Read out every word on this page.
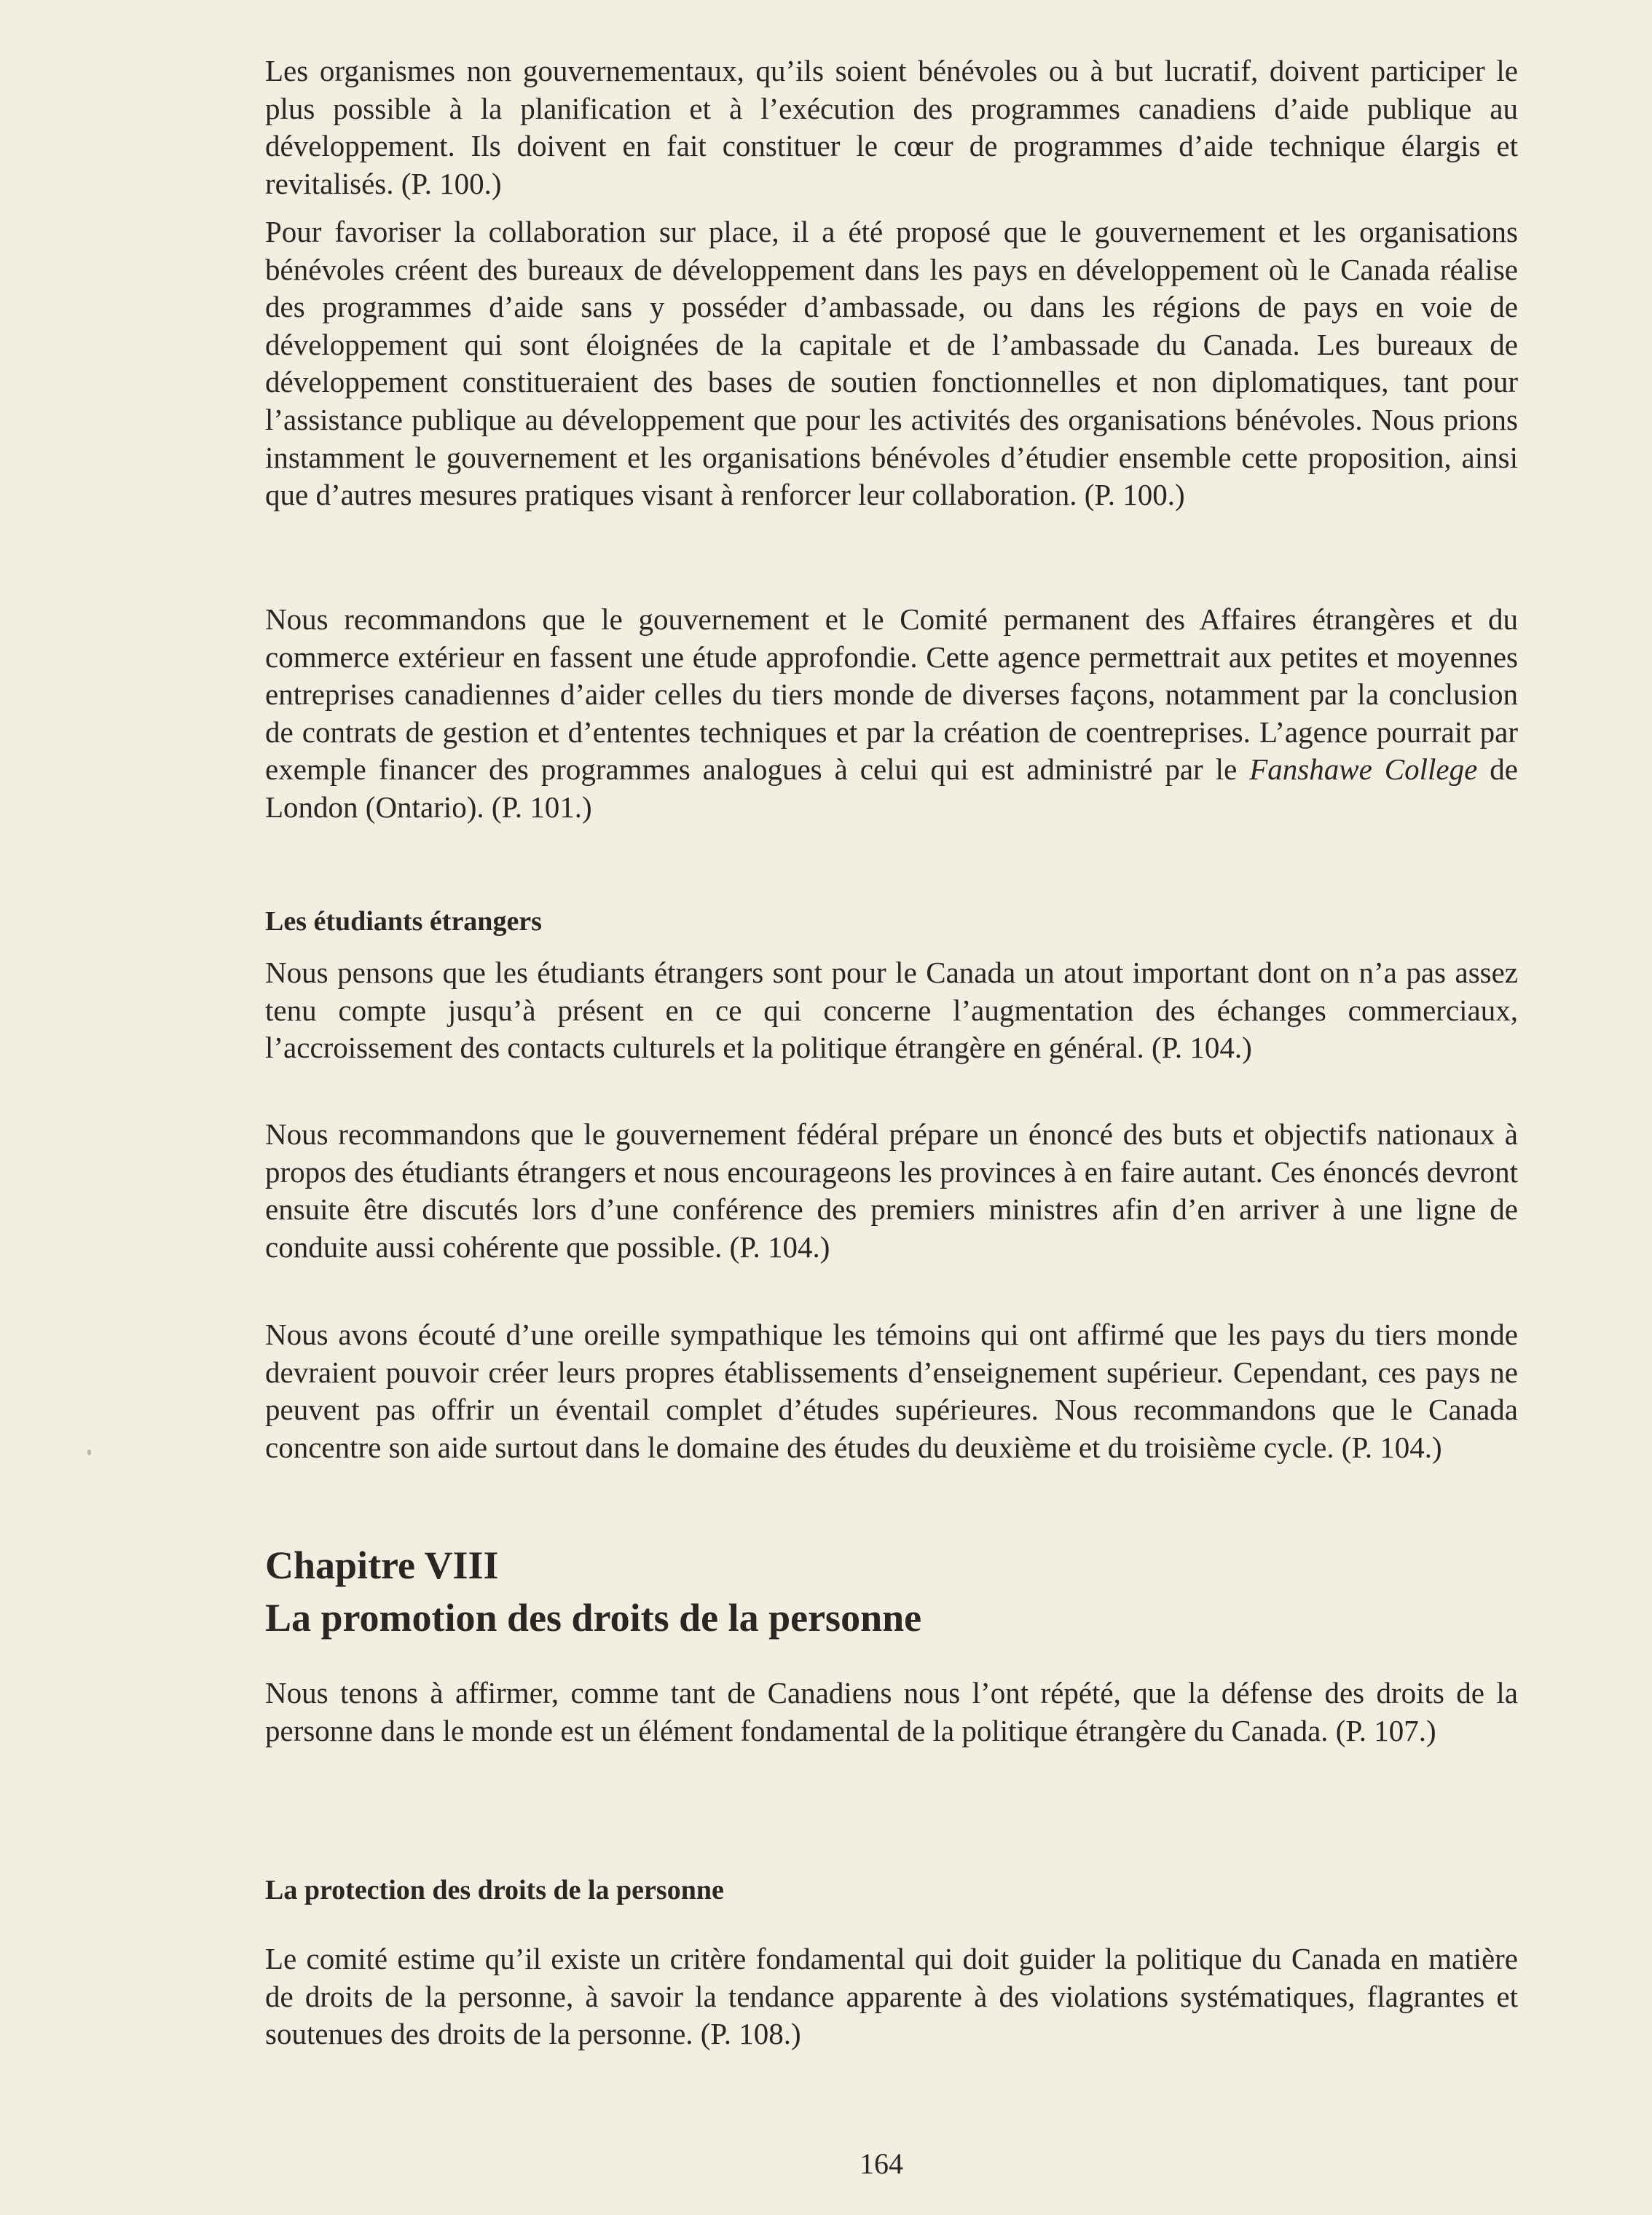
Les organismes non gouvernementaux, qu’ils soient bénévoles ou à but lucratif, doivent participer le plus possible à la planification et à l’exécution des programmes canadiens d’aide publique au développement. Ils doivent en fait constituer le cœur de programmes d’aide technique élargis et revitalisés. (P. 100.)

Pour favoriser la collaboration sur place, il a été proposé que le gouvernement et les organisations bénévoles créent des bureaux de développement dans les pays en développement où le Canada réalise des programmes d’aide sans y posséder d’ambassade, ou dans les régions de pays en voie de développement qui sont éloignées de la capitale et de l’ambassade du Canada. Les bureaux de développement constitueraient des bases de soutien fonctionnelles et non diplomatiques, tant pour l’assistance publique au développement que pour les activités des organisations bénévoles. Nous prions instamment le gouvernement et les organisations bénévoles d’étudier ensemble cette proposition, ainsi que d’autres mesures pratiques visant à renforcer leur collaboration. (P. 100.)

Nous recommandons que le gouvernement et le Comité permanent des Affaires étrangères et du commerce extérieur en fassent une étude approfondie. Cette agence permettrait aux petites et moyennes entreprises canadiennes d’aider celles du tiers monde de diverses façons, notamment par la conclusion de contrats de gestion et d’ententes techniques et par la création de coentreprises. L’agence pourrait par exemple financer des programmes analogues à celui qui est administré par le Fanshawe College de London (Ontario). (P. 101.)

Les étudiants étrangers

Nous pensons que les étudiants étrangers sont pour le Canada un atout important dont on n’a pas assez tenu compte jusqu’à présent en ce qui concerne l’augmentation des échanges commerciaux, l’accroissement des contacts culturels et la politique étrangère en général. (P. 104.)

Nous recommandons que le gouvernement fédéral prépare un énoncé des buts et objectifs nationaux à propos des étudiants étrangers et nous encourageons les provinces à en faire autant. Ces énoncés devront ensuite être discutés lors d’une conférence des premiers ministres afin d’en arriver à une ligne de conduite aussi cohérente que possible. (P. 104.)

Nous avons écouté d’une oreille sympathique les témoins qui ont affirmé que les pays du tiers monde devraient pouvoir créer leurs propres établissements d’enseignement supérieur. Cependant, ces pays ne peuvent pas offrir un éventail complet d’études supérieures. Nous recommandons que le Canada concentre son aide surtout dans le domaine des études du deuxième et du troisième cycle. (P. 104.)

Chapitre VIII
La promotion des droits de la personne

Nous tenons à affirmer, comme tant de Canadiens nous l’ont répété, que la défense des droits de la personne dans le monde est un élément fondamental de la politique étrangère du Canada. (P. 107.)

La protection des droits de la personne

Le comité estime qu’il existe un critère fondamental qui doit guider la politique du Canada en matière de droits de la personne, à savoir la tendance apparente à des violations systématiques, flagrantes et soutenues des droits de la personne. (P. 108.)

164
